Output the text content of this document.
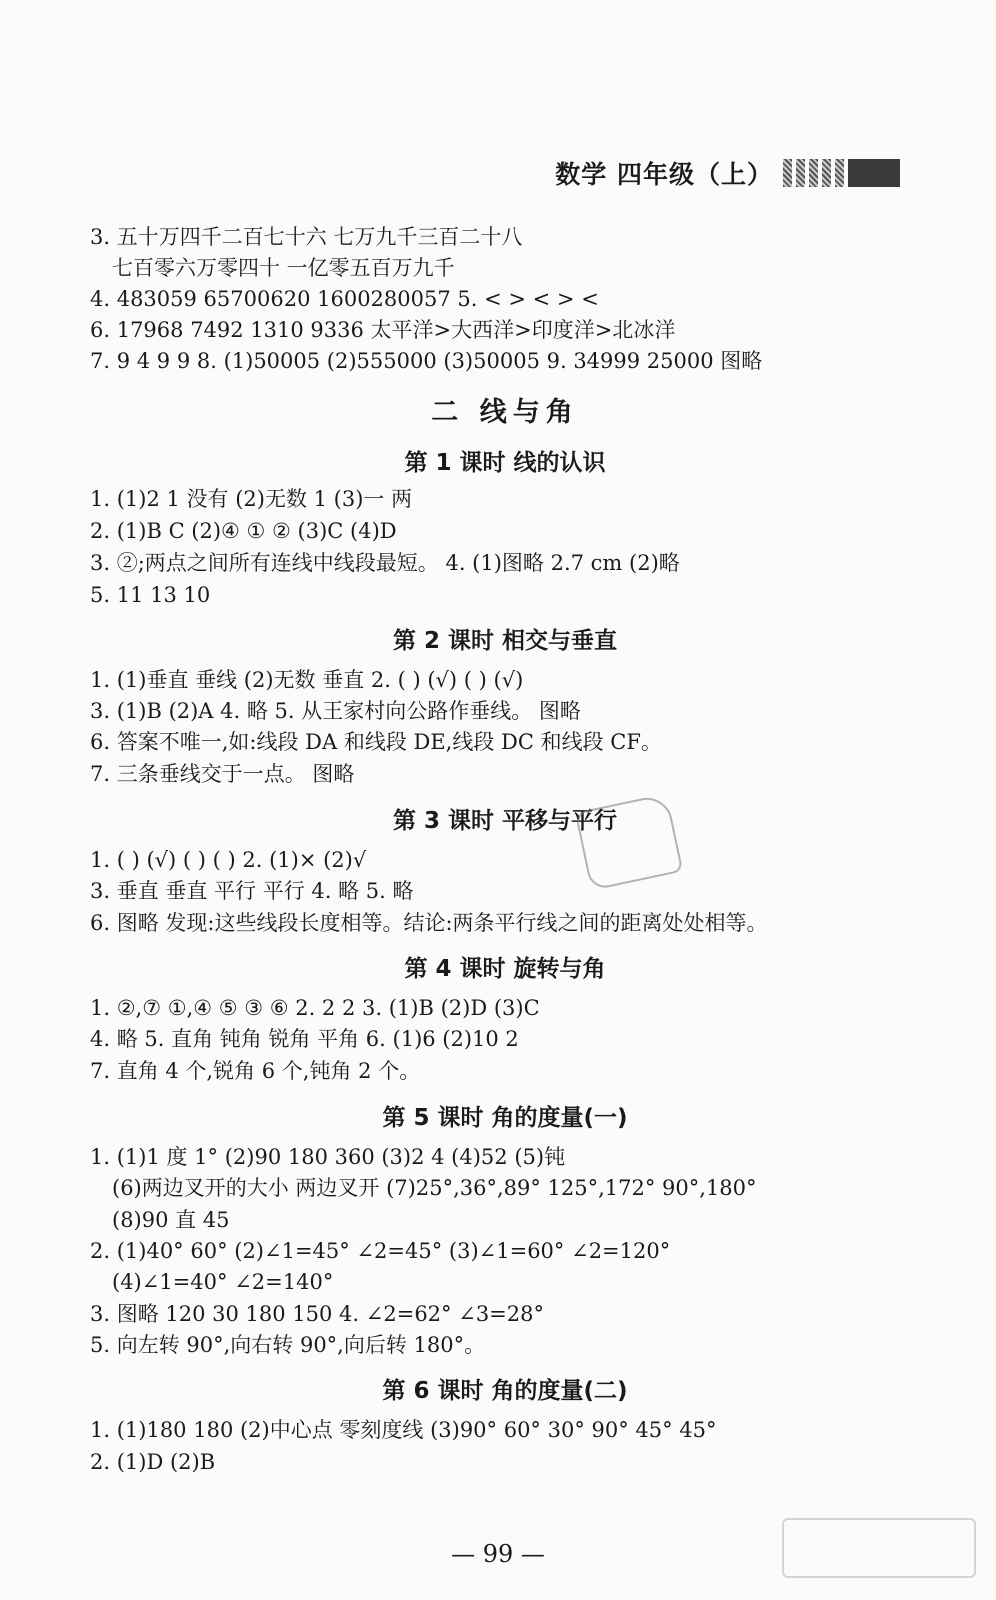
数学 四年级（上）
3. 五十万四千二百七十六 七万九千三百二十八
七百零六万零四十 一亿零五百万九千
4. 483059 65700620 1600280057 5. < > < > <
6. 17968 7492 1310 9336 太平洋>大西洋>印度洋>北冰洋
7. 9 4 9 9 8. (1)50005 (2)555000 (3)50005 9. 34999 25000 图略
二 线与角
第 1 课时 线的认识
1. (1)2 1 没有 (2)无数 1 (3)一 两
2. (1)B C (2)④ ① ② (3)C (4)D
3. ②;两点之间所有连线中线段最短。 4. (1)图略 2.7 cm (2)略
5. 11 13 10
第 2 课时 相交与垂直
1. (1)垂直 垂线 (2)无数 垂直 2. ( ) (√) ( ) (√)
3. (1)B (2)A 4. 略 5. 从王家村向公路作垂线。 图略
6. 答案不唯一,如:线段 DA 和线段 DE,线段 DC 和线段 CF。
7. 三条垂线交于一点。 图略
第 3 课时 平移与平行
1. ( ) (√) ( ) ( ) 2. (1)× (2)√
3. 垂直 垂直 平行 平行 4. 略 5. 略
6. 图略 发现:这些线段长度相等。结论:两条平行线之间的距离处处相等。
第 4 课时 旋转与角
1. ②,⑦ ①,④ ⑤ ③ ⑥ 2. 2 2 3. (1)B (2)D (3)C
4. 略 5. 直角 钝角 锐角 平角 6. (1)6 (2)10 2
7. 直角 4 个,锐角 6 个,钝角 2 个。
第 5 课时 角的度量(一)
1. (1)1 度 1° (2)90 180 360 (3)2 4 (4)52 (5)钝
(6)两边叉开的大小 两边叉开 (7)25°,36°,89° 125°,172° 90°,180°
(8)90 直 45
2. (1)40° 60° (2)∠1=45° ∠2=45° (3)∠1=60° ∠2=120°
(4)∠1=40° ∠2=140°
3. 图略 120 30 180 150 4. ∠2=62° ∠3=28°
5. 向左转 90°,向右转 90°,向后转 180°。
第 6 课时 角的度量(二)
1. (1)180 180 (2)中心点 零刻度线 (3)90° 60° 30° 90° 45° 45°
2. (1)D (2)B
— 99 —
